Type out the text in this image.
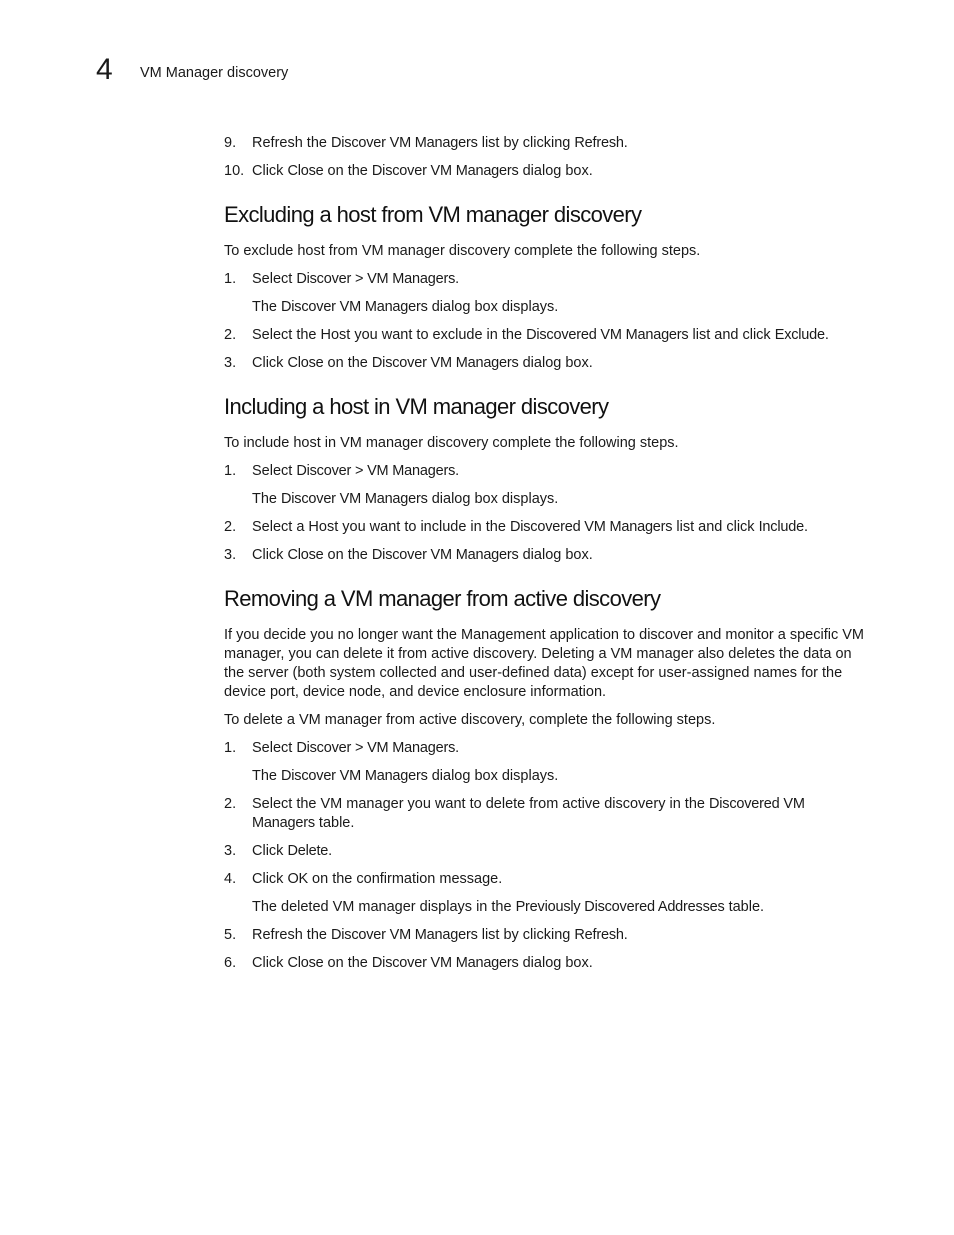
4 VM Manager discovery
9. Refresh the Discover VM Managers list by clicking Refresh.
10. Click Close on the Discover VM Managers dialog box.
Excluding a host from VM manager discovery
To exclude host from VM manager discovery complete the following steps.
1. Select Discover > VM Managers.
The Discover VM Managers dialog box displays.
2. Select the Host you want to exclude in the Discovered VM Managers list and click Exclude.
3. Click Close on the Discover VM Managers dialog box.
Including a host in VM manager discovery
To include host in VM manager discovery complete the following steps.
1. Select Discover > VM Managers.
The Discover VM Managers dialog box displays.
2. Select a Host you want to include in the Discovered VM Managers list and click Include.
3. Click Close on the Discover VM Managers dialog box.
Removing a VM manager from active discovery
If you decide you no longer want the Management application to discover and monitor a specific VM manager, you can delete it from active discovery. Deleting a VM manager also deletes the data on the server (both system collected and user-defined data) except for user-assigned names for the device port, device node, and device enclosure information.
To delete a VM manager from active discovery, complete the following steps.
1. Select Discover > VM Managers.
The Discover VM Managers dialog box displays.
2. Select the VM manager you want to delete from active discovery in the Discovered VM Managers table.
3. Click Delete.
4. Click OK on the confirmation message.
The deleted VM manager displays in the Previously Discovered Addresses table.
5. Refresh the Discover VM Managers list by clicking Refresh.
6. Click Close on the Discover VM Managers dialog box.
